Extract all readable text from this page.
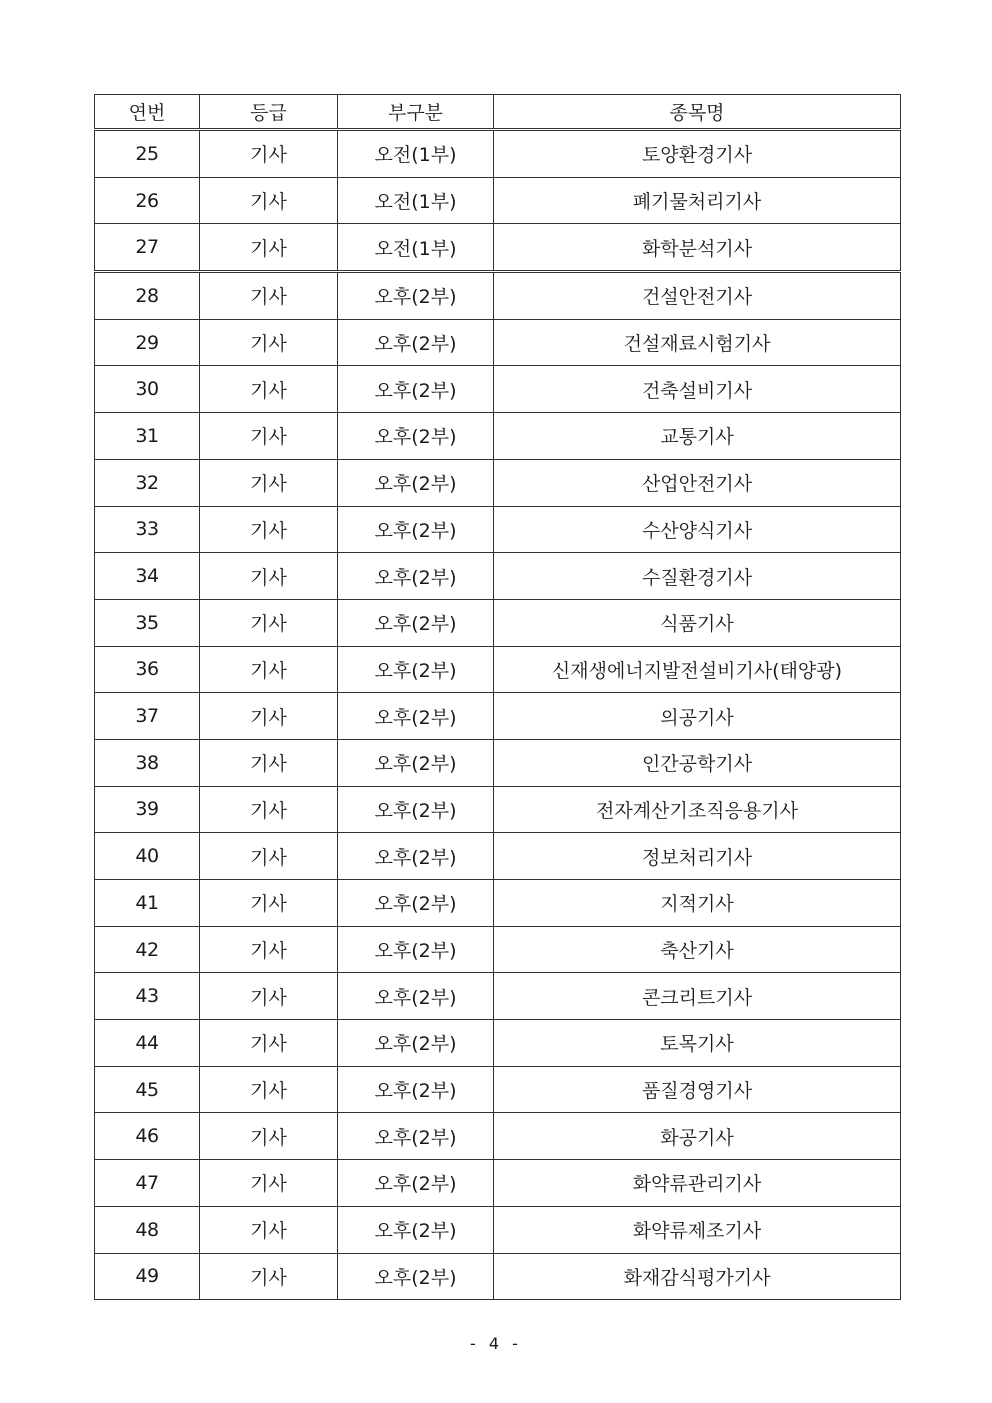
연번	등급	부구분	종목명
25	기사	오전(1부)	토양환경기사
26	기사	오전(1부)	폐기물처리기사
27	기사	오전(1부)	화학분석기사
28	기사	오후(2부)	건설안전기사
29	기사	오후(2부)	건설재료시험기사
30	기사	오후(2부)	건축설비기사
31	기사	오후(2부)	교통기사
32	기사	오후(2부)	산업안전기사
33	기사	오후(2부)	수산양식기사
34	기사	오후(2부)	수질환경기사
35	기사	오후(2부)	식품기사
36	기사	오후(2부)	신재생에너지발전설비기사(태양광)
37	기사	오후(2부)	의공기사
38	기사	오후(2부)	인간공학기사
39	기사	오후(2부)	전자계산기조직응용기사
40	기사	오후(2부)	정보처리기사
41	기사	오후(2부)	지적기사
42	기사	오후(2부)	축산기사
43	기사	오후(2부)	콘크리트기사
44	기사	오후(2부)	토목기사
45	기사	오후(2부)	품질경영기사
46	기사	오후(2부)	화공기사
47	기사	오후(2부)	화약류관리기사
48	기사	오후(2부)	화약류제조기사
49	기사	오후(2부)	화재감식평가기사
- 4 -
